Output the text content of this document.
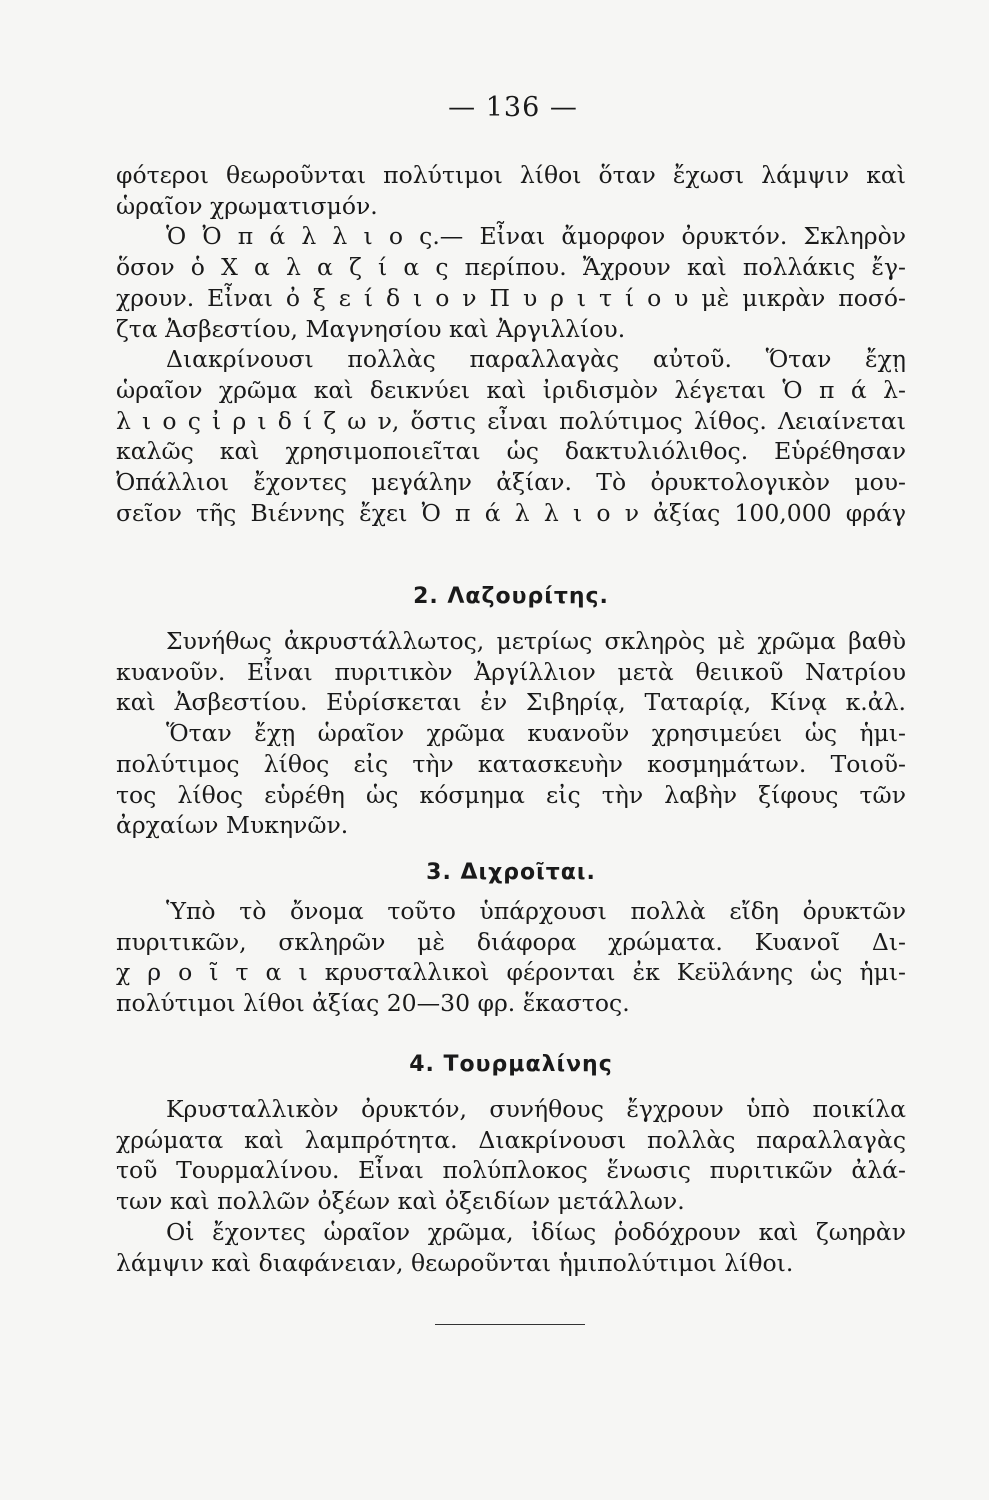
— 136 —

φότεροι θεωροῦνται πολύτιμοι λίθοι ὅταν ἔχωσι λάμψιν καὶ

ὡραῖον χρωματισμόν.

Ὁ Ὀ π ά λ λ ι ο ς.— Εἶναι ἄμορφον ὀρυκτόν. Σκληρὸν

ὅσον ὁ Χ α λ α ζ ί α ς περίπου. Ἄχρουν καὶ πολλάκις ἔγ-

χρουν. Εἶναι ὀ ξ ε ί δ ι ο ν Π υ ρ ι τ ί ο υ μὲ μικρὰν ποσό-

ζτα Ἀσβεστίου, Μαγνησίου καὶ Ἀργιλλίου.

Διακρίνουσι πολλὰς παραλλαγὰς αὐτοῦ. Ὅταν ἔχῃ

ὡραῖον χρῶμα καὶ δεικνύει καὶ ἰριδισμὸν λέγεται Ὁ π ά λ-

λ ι ο ς ἰ ρ ι δ ί ζ ω ν, ὅστις εἶναι πολύτιμος λίθος. Λειαίνεται

καλῶς καὶ χρησιμοποιεῖται ὡς δακτυλιόλιθος. Εὑρέθησαν

Ὀπάλλιοι ἔχοντες μεγάλην ἀξίαν. Τὸ ὀρυκτολογικὸν μου-

σεῖον τῆς Βιέννης ἔχει Ὀ π ά λ λ ι ο ν ἀξίας 100,000 φράγ

2. Λαζουρίτης.

Συνήθως ἀκρυστάλλωτος, μετρίως σκληρὸς μὲ χρῶμα βαθὺ

κυανοῦν. Εἶναι πυριτικὸν Ἀργίλλιον μετὰ θειικοῦ Νατρίου

καὶ Ἀσβεστίου. Εὑρίσκεται ἐν Σιβηρίᾳ, Ταταρίᾳ, Κίνᾳ κ.ἀλ.

Ὅταν ἔχῃ ὡραῖον χρῶμα κυανοῦν χρησιμεύει ὡς ἡμι-

πολύτιμος λίθος εἰς τὴν κατασκευὴν κοσμημάτων. Τοιοῦ-

τος λίθος εὑρέθη ὡς κόσμημα εἰς τὴν λαβὴν ξίφους τῶν

ἀρχαίων Μυκηνῶν.

3. Διχροῖται.

Ὑπὸ τὸ ὄνομα τοῦτο ὑπάρχουσι πολλὰ εἴδη ὀρυκτῶν

πυριτικῶν, σκληρῶν μὲ διάφορα χρώματα. Κυανοῖ Δι-

χ ρ ο ῖ τ α ι κρυσταλλικοὶ φέρονται ἐκ Κεϋλάνης ὡς ἡμι-

πολύτιμοι λίθοι ἀξίας 20—30 φρ. ἕκαστος.

4. Τουρμαλίνης

Κρυσταλλικὸν ὀρυκτόν, συνήθους ἔγχρουν ὑπὸ ποικίλα

χρώματα καὶ λαμπρότητα. Διακρίνουσι πολλὰς παραλλαγὰς

τοῦ Τουρμαλίνου. Εἶναι πολύπλοκος ἕνωσις πυριτικῶν ἀλά-

των καὶ πολλῶν ὀξέων καὶ ὀξειδίων μετάλλων.

Οἱ ἔχοντες ὡραῖον χρῶμα, ἰδίως ῥοδόχρουν καὶ ζωηρὰν

λάμψιν καὶ διαφάνειαν, θεωροῦνται ἡμιπολύτιμοι λίθοι.
